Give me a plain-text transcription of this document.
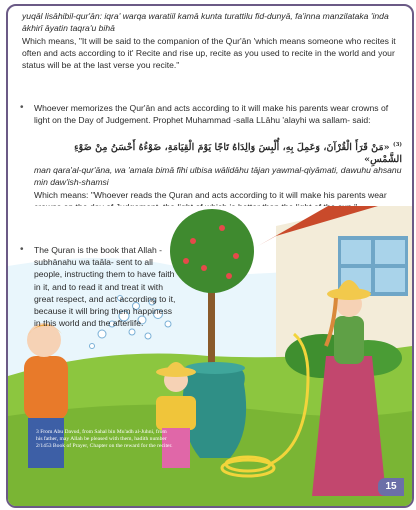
yuqāl lisāhibil-qur'ān: iqra' warqa waratiil kamā kunta turattilu fid-dunyā, fa'inna manzilataka 'inda ākhirī āyatin taqra'u bihā
Which means, "It will be said to the companion of the Qur'ān 'which means someone who recites it often and acts according to it' Recite and rise up, recite as you used to recite in the world and your status will be at the last verse you recite."
• Whoever memorizes the Qur'ān and acts according to it will make his parents wear crowns of light on the Day of Judgement. Prophet Muhammad -salla LLāhu 'alayhi wa sallam- said:
$^{(3)}$ «مَنْ قَرَأَ الْقُرْآنَ، وَعَمِلَ بِهِ، أُلْبِسَ وَالِدَاهُ تَاجًا يَوْمَ الْقِيَامَةِ، ضَوْءُهُ أَحْسَنُ مِنْ ضَوْءِ الشَّمْسِ»
man qara'al-qur'āna, wa 'amala bimā fīhi ulbisa wālidāhu tājan yawmal-qiyāmati, dawuhu ahsanu min daw'ish-shamsi
Which means: "Whoever reads the Quran and acts according to it will make his parents wear
• The Quran is the book that Allah -subhānahu wa taāla- sent to all people, instructing them to have faith in it, and to read it and treat it with great respect, and act according to it, because it will bring them happiness in this world and the afterlife.
3 From Abu Davud, from Sahal bin Mu'adh al-Juhni, from his father, may Allah be pleased with them, hadith number 2/1453 Book of Prayer, Chapter on the reward for the reciter.
15
